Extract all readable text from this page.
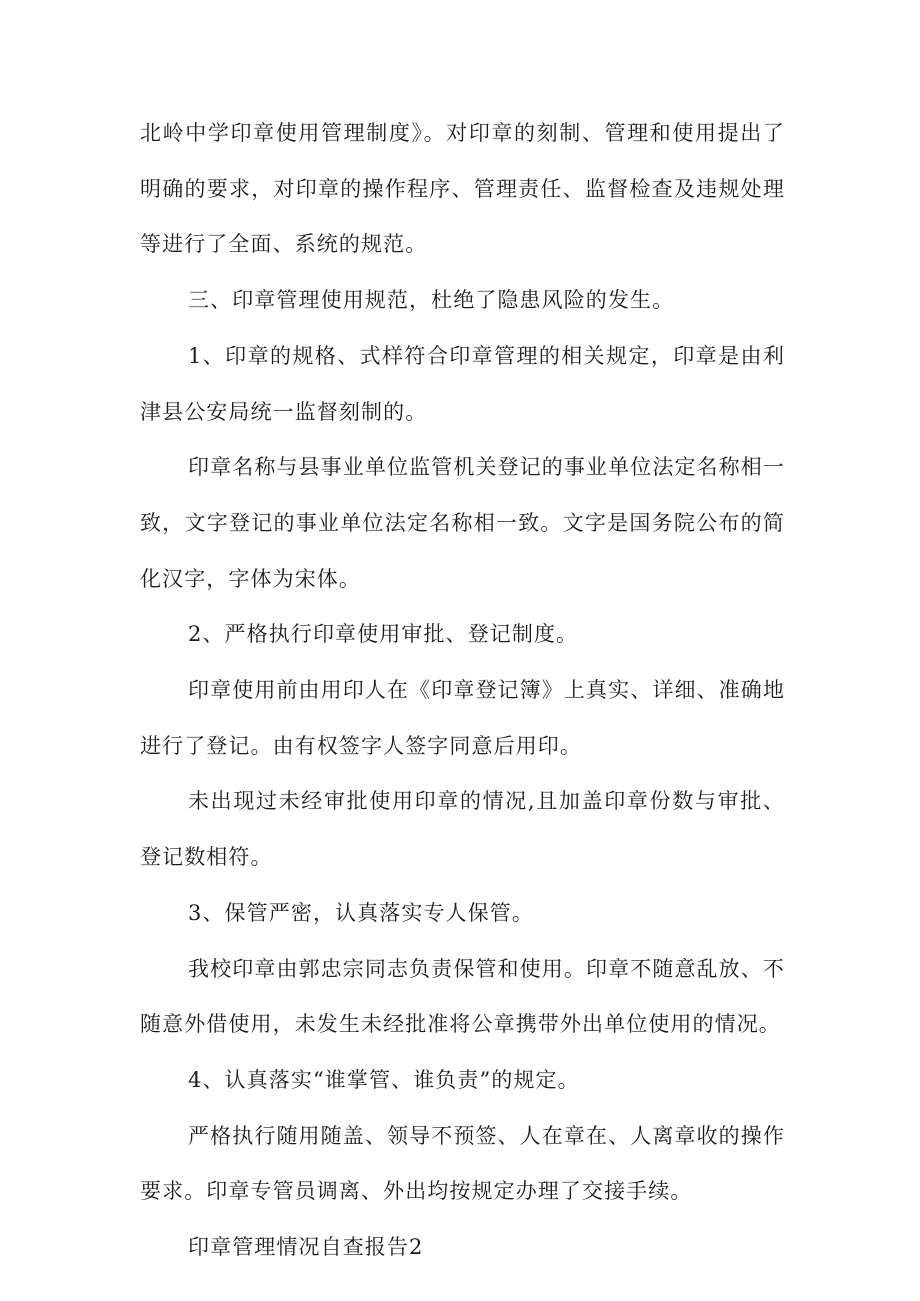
北岭中学印章使用管理制度》。对印章的刻制、管理和使用提出了明确的要求，对印章的操作程序、管理责任、监督检查及违规处理等进行了全面、系统的规范。

三、印章管理使用规范，杜绝了隐患风险的发生。

1、印章的规格、式样符合印章管理的相关规定，印章是由利津县公安局统一监督刻制的。

印章名称与县事业单位监管机关登记的事业单位法定名称相一致，文字登记的事业单位法定名称相一致。文字是国务院公布的简化汉字，字体为宋体。

2、严格执行印章使用审批、登记制度。

印章使用前由用印人在《印章登记簿》上真实、详细、准确地进行了登记。由有权签字人签字同意后用印。

未出现过未经审批使用印章的情况,且加盖印章份数与审批、登记数相符。

3、保管严密，认真落实专人保管。

我校印章由郭忠宗同志负责保管和使用。印章不随意乱放、不随意外借使用，未发生未经批准将公章携带外出单位使用的情况。

4、认真落实“谁掌管、谁负责”的规定。

严格执行随用随盖、领导不预签、人在章在、人离章收的操作要求。印章专管员调离、外出均按规定办理了交接手续。

印章管理情况自查报告2
